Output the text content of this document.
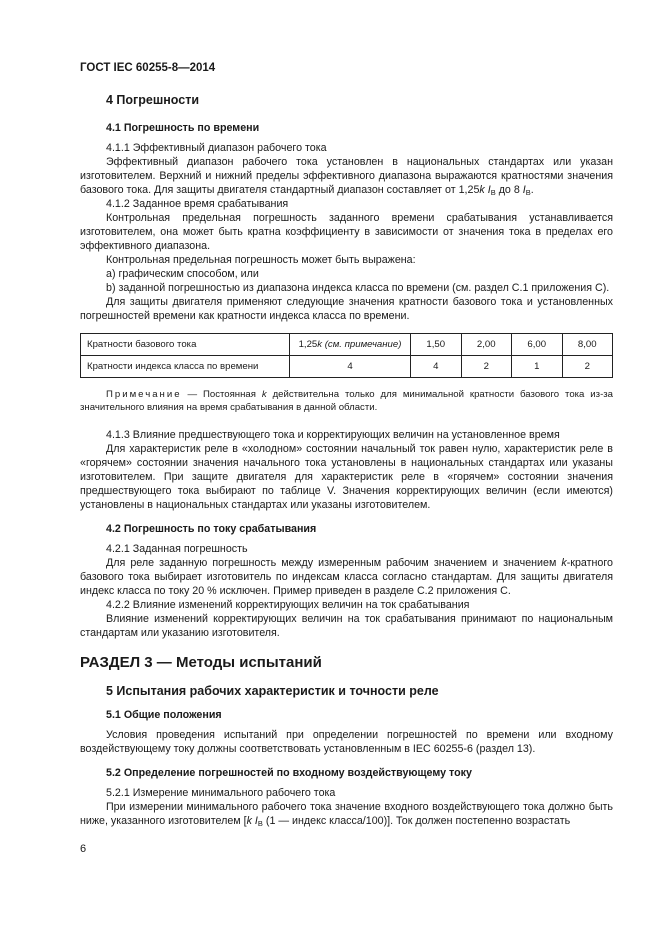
ГОСТ IEC 60255-8—2014
4 Погрешности
4.1 Погрешность по времени

4.1.1 Эффективный диапазон рабочего тока

Эффективный диапазон рабочего тока установлен в национальных стандартах или указан изготовителем. Верхний и нижний пределы эффективного диапазона выражаются кратностями значения базового тока. Для защиты двигателя стандартный диапазон составляет от 1,25k $I_B$ до 8 $I_B$.

4.1.2 Заданное время срабатывания

Контрольная предельная погрешность заданного времени срабатывания устанавливается изготовителем, она может быть кратна коэффициенту в зависимости от значения тока в пределах его эффективного диапазона.

Контрольная предельная погрешность может быть выражена:

a) графическим способом, или

b) заданной погрешностью из диапазона индекса класса по времени (см. раздел C.1 приложения С).

Для защиты двигателя применяют следующие значения кратности базового тока и установленных погрешностей времени как кратности индекса класса по времени.

Кратности базового тока	1,25k (см. примечание)	1,50	2,00	6,00	8,00
Кратности индекса класса по времени	4	4	2	1	2

Примечание — Постоянная k действительна только для минимальной кратности базового тока из-за значительного влияния на время срабатывания в данной области.

4.1.3 Влияние предшествующего тока и корректирующих величин на установленное время

Для характеристик реле в «холодном» состоянии начальный ток равен нулю, характеристик реле в «горячем» состоянии значения начального тока установлены в национальных стандартах или указаны изготовителем. При защите двигателя для характеристик реле в «горячем» состоянии значения предшествующего тока выбирают по таблице V. Значения корректирующих величин (если имеются) установлены в национальных стандартах или указаны изготовителем.

4.2 Погрешность по току срабатывания

4.2.1 Заданная погрешность

Для реле заданную погрешность между измеренным рабочим значением и значением k-кратного базового тока выбирает изготовитель по индексам класса согласно стандартам. Для защиты двигателя индекс класса по току 20 % исключен. Пример приведен в разделе C.2 приложения С.

4.2.2 Влияние изменений корректирующих величин на ток срабатывания

Влияние изменений корректирующих величин на ток срабатывания принимают по национальным стандартам или указанию изготовителя.

РАЗДЕЛ 3 — Методы испытаний
5 Испытания рабочих характеристик и точности реле
5.1 Общие положения

Условия проведения испытаний при определении погрешностей по времени или входному воздействующему току должны соответствовать установленным в IEC 60255-6 (раздел 13).

5.2 Определение погрешностей по входному воздействующему току

5.2.1 Измерение минимального рабочего тока

При измерении минимального рабочего тока значение входного воздействующего тока должно быть ниже, указанного изготовителем [k $I_B$ (1 — индекс класса/100)]. Ток должен постепенно возрастать

6
